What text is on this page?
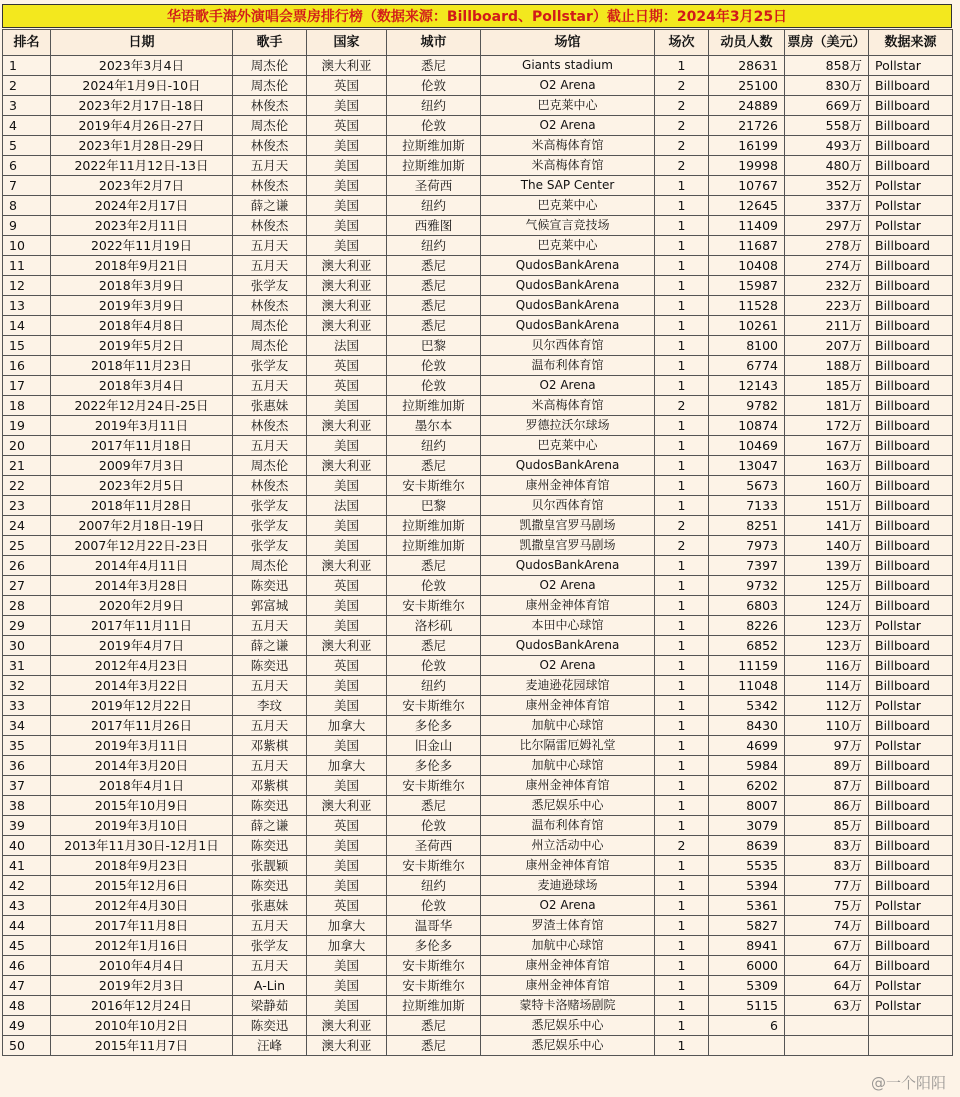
华语歌手海外演唱会票房排行榜（数据来源：Billboard、Pollstar）截止日期：2024年3月25日
排名	日期	歌手	国家	城市	场馆	场次	动员人数	票房（美元）	数据来源
1	2023年3月4日	周杰伦	澳大利亚	悉尼	Giants stadium	1	28631	858万	Pollstar
2	2024年1月9日-10日	周杰伦	英国	伦敦	O2 Arena	2	25100	830万	Billboard
3	2023年2月17日-18日	林俊杰	美国	纽约	巴克莱中心	2	24889	669万	Billboard
4	2019年4月26日-27日	周杰伦	英国	伦敦	O2 Arena	2	21726	558万	Billboard
5	2023年1月28日-29日	林俊杰	美国	拉斯维加斯	米高梅体育馆	2	16199	493万	Billboard
6	2022年11月12日-13日	五月天	美国	拉斯维加斯	米高梅体育馆	2	19998	480万	Billboard
7	2023年2月7日	林俊杰	美国	圣荷西	The SAP Center	1	10767	352万	Pollstar
8	2024年2月17日	薛之谦	美国	纽约	巴克莱中心	1	12645	337万	Pollstar
9	2023年2月11日	林俊杰	美国	西雅图	气候宣言竞技场	1	11409	297万	Pollstar
10	2022年11月19日	五月天	美国	纽约	巴克莱中心	1	11687	278万	Billboard
11	2018年9月21日	五月天	澳大利亚	悉尼	QudosBankArena	1	10408	274万	Billboard
12	2018年3月9日	张学友	澳大利亚	悉尼	QudosBankArena	1	15987	232万	Billboard
13	2019年3月9日	林俊杰	澳大利亚	悉尼	QudosBankArena	1	11528	223万	Billboard
14	2018年4月8日	周杰伦	澳大利亚	悉尼	QudosBankArena	1	10261	211万	Billboard
15	2019年5月2日	周杰伦	法国	巴黎	贝尔西体育馆	1	8100	207万	Billboard
16	2018年11月23日	张学友	英国	伦敦	温布利体育馆	1	6774	188万	Billboard
17	2018年3月4日	五月天	英国	伦敦	O2 Arena	1	12143	185万	Billboard
18	2022年12月24日-25日	张惠妹	美国	拉斯维加斯	米高梅体育馆	2	9782	181万	Billboard
19	2019年3月11日	林俊杰	澳大利亚	墨尔本	罗德拉沃尔球场	1	10874	172万	Billboard
20	2017年11月18日	五月天	美国	纽约	巴克莱中心	1	10469	167万	Billboard
21	2009年7月3日	周杰伦	澳大利亚	悉尼	QudosBankArena	1	13047	163万	Billboard
22	2023年2月5日	林俊杰	美国	安卡斯维尔	康州金神体育馆	1	5673	160万	Billboard
23	2018年11月28日	张学友	法国	巴黎	贝尔西体育馆	1	7133	151万	Billboard
24	2007年2月18日-19日	张学友	美国	拉斯维加斯	凯撒皇宫罗马剧场	2	8251	141万	Billboard
25	2007年12月22日-23日	张学友	美国	拉斯维加斯	凯撒皇宫罗马剧场	2	7973	140万	Billboard
26	2014年4月11日	周杰伦	澳大利亚	悉尼	QudosBankArena	1	7397	139万	Billboard
27	2014年3月28日	陈奕迅	英国	伦敦	O2 Arena	1	9732	125万	Billboard
28	2020年2月9日	郭富城	美国	安卡斯维尔	康州金神体育馆	1	6803	124万	Billboard
29	2017年11月11日	五月天	美国	洛杉矶	本田中心球馆	1	8226	123万	Pollstar
30	2019年4月7日	薛之谦	澳大利亚	悉尼	QudosBankArena	1	6852	123万	Billboard
31	2012年4月23日	陈奕迅	英国	伦敦	O2 Arena	1	11159	116万	Billboard
32	2014年3月22日	五月天	美国	纽约	麦迪逊花园球馆	1	11048	114万	Billboard
33	2019年12月22日	李玟	美国	安卡斯维尔	康州金神体育馆	1	5342	112万	Pollstar
34	2017年11月26日	五月天	加拿大	多伦多	加航中心球馆	1	8430	110万	Billboard
35	2019年3月11日	邓紫棋	美国	旧金山	比尔隔雷厄姆礼堂	1	4699	97万	Pollstar
36	2014年3月20日	五月天	加拿大	多伦多	加航中心球馆	1	5984	89万	Billboard
37	2018年4月1日	邓紫棋	美国	安卡斯维尔	康州金神体育馆	1	6202	87万	Billboard
38	2015年10月9日	陈奕迅	澳大利亚	悉尼	悉尼娱乐中心	1	8007	86万	Billboard
39	2019年3月10日	薛之谦	英国	伦敦	温布利体育馆	1	3079	85万	Billboard
40	2013年11月30日-12月1日	陈奕迅	美国	圣荷西	州立活动中心	2	8639	83万	Billboard
41	2018年9月23日	张靓颖	美国	安卡斯维尔	康州金神体育馆	1	5535	83万	Billboard
42	2015年12月6日	陈奕迅	美国	纽约	麦迪逊球场	1	5394	77万	Billboard
43	2012年4月30日	张惠妹	英国	伦敦	O2 Arena	1	5361	75万	Pollstar
44	2017年11月8日	五月天	加拿大	温哥华	罗渣士体育馆	1	5827	74万	Billboard
45	2012年1月16日	张学友	加拿大	多伦多	加航中心球馆	1	8941	67万	Billboard
46	2010年4月4日	五月天	美国	安卡斯维尔	康州金神体育馆	1	6000	64万	Billboard
47	2019年2月3日	A-Lin	美国	安卡斯维尔	康州金神体育馆	1	5309	64万	Pollstar
48	2016年12月24日	梁静茹	美国	拉斯维加斯	蒙特卡洛赌场剧院	1	5115	63万	Pollstar
49	2010年10月2日	陈奕迅	澳大利亚	悉尼	悉尼娱乐中心	1	6		
50	2015年11月7日	汪峰	澳大利亚	悉尼	悉尼娱乐中心	1			
@一个阳阳
